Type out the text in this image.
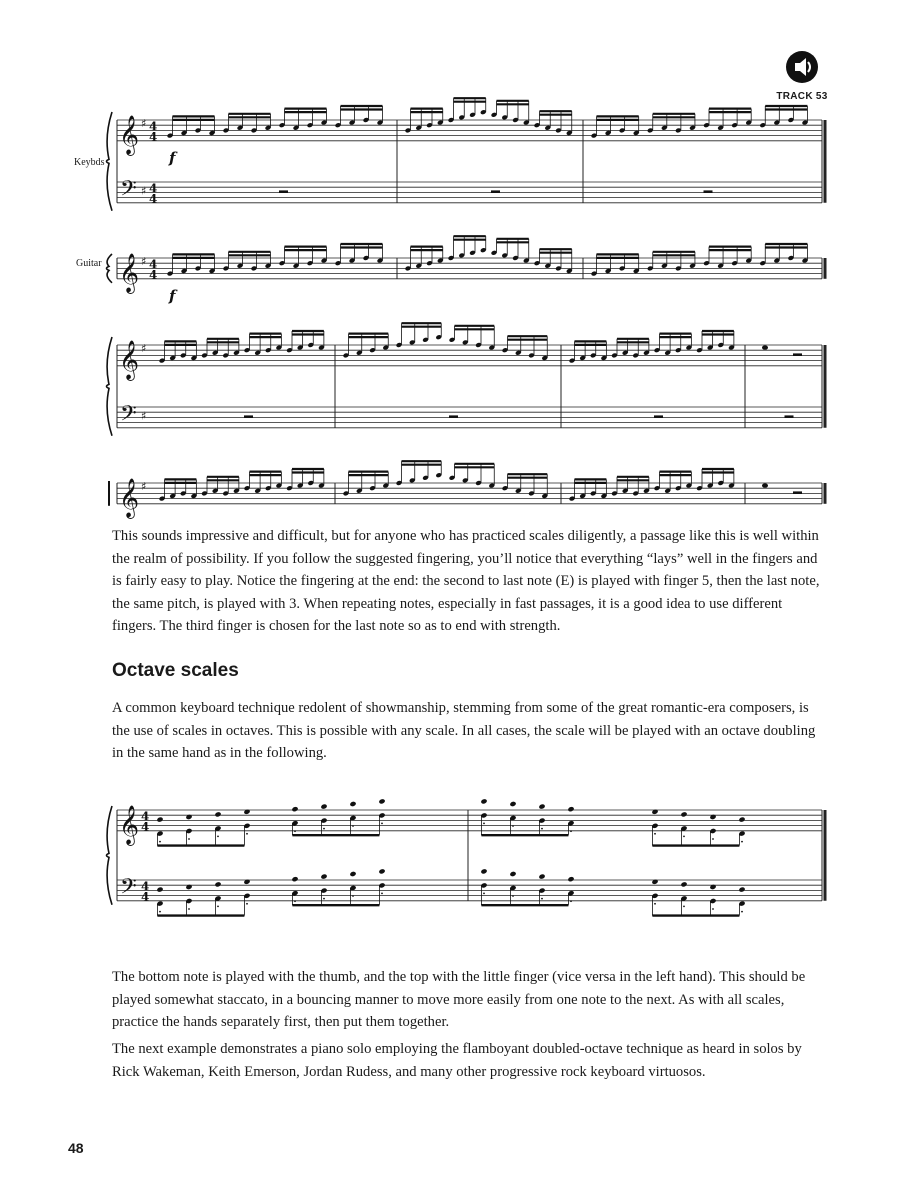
TRACK 53
Keybds
Guitar
𝄞 ♯ 4
4
𝄢 ♯ 4
4
𝄞 ♯ 4
4
f
f
𝄞 ♯
𝄢 ♯
𝄞 ♯

This sounds impressive and difficult, but for anyone who has practiced scales diligently, a passage like this is well within the realm of possibility. If you follow the suggested fingering, you’ll notice that everything “lays” well in the fingers and is fairly easy to play. Notice the fingering at the end: the second to last note (E) is played with finger 5, then the last note, the same pitch, is played with 3. When repeating notes, especially in fast passages, it is a good idea to use different fingers. The third finger is chosen for the last note so as to end with strength.

Octave scales

A common keyboard technique redolent of showmanship, stemming from some of the great romantic-era composers, is the use of scales in octaves. This is possible with any scale. In all cases, the scale will be played with an octave doubling in the same hand as in the following.

𝄞 4
4
𝄢 4
4

The bottom note is played with the thumb, and the top with the little finger (vice versa in the left hand). This should be played somewhat staccato, in a bouncing manner to move more easily from one note to the next. As with all scales, practice the hands separately first, then put them together.

The next example demonstrates a piano solo employing the flamboyant doubled-octave technique as heard in solos by Rick Wakeman, Keith Emerson, Jordan Rudess, and many other progressive rock keyboard virtuosos.

48
